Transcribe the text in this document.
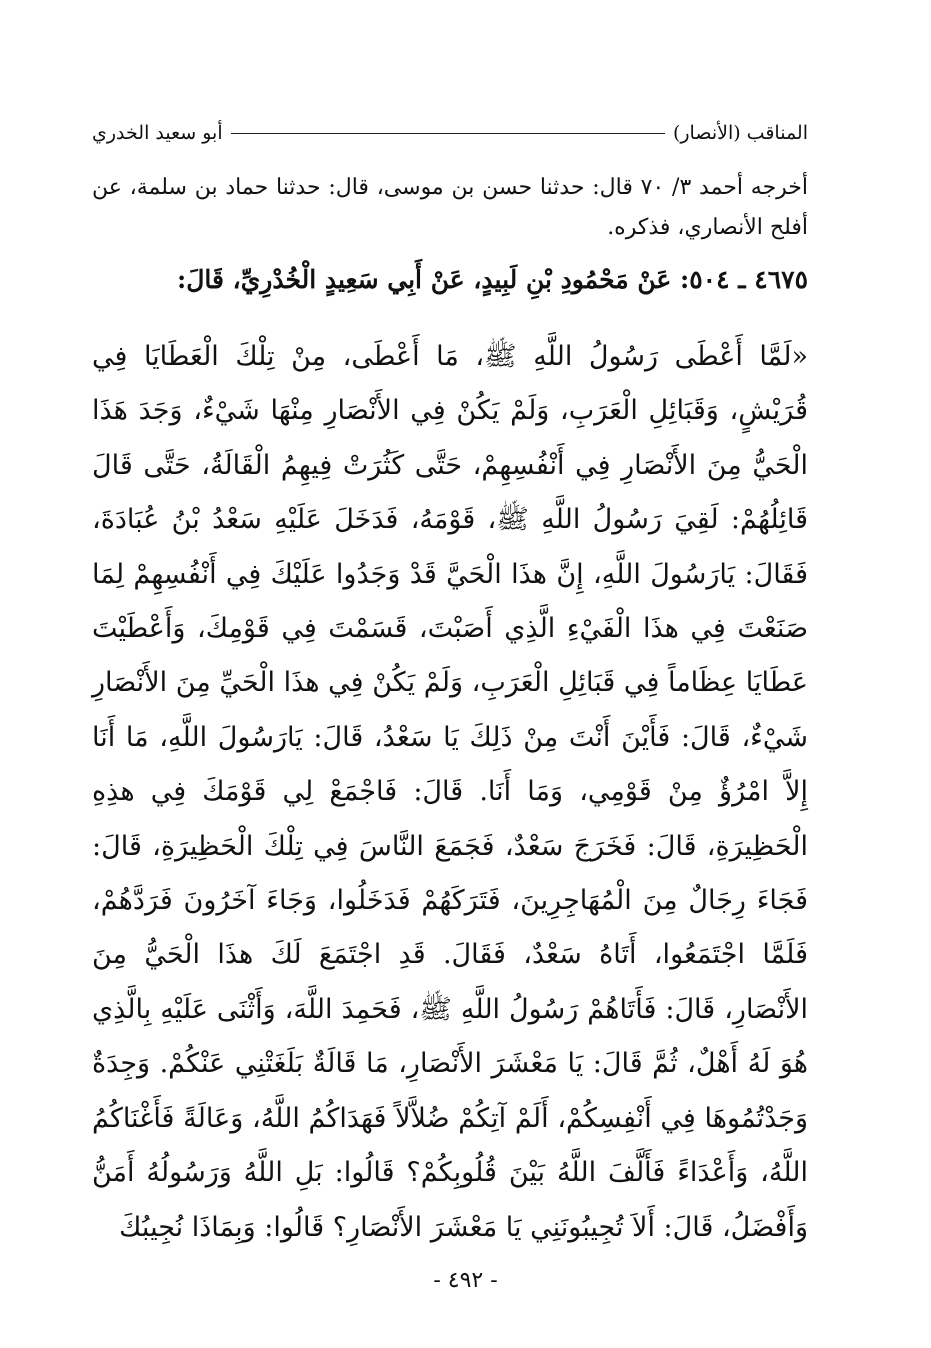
أبو سعيد الخدري	المناقب (الأنصار)

أخرجه أحمد ٣/ ٧٠ قال: حدثنا حسن بن موسى، قال: حدثنا حماد بن سلمة، عن أفلح الأنصاري، فذكره.

٤٦٧٥ ـ ٥٠٤: عَنْ مَحْمُودِ بْنِ لَبِيدٍ، عَنْ أَبِي سَعِيدٍ الْخُدْرِيِّ، قَالَ:

«لَمَّا أَعْطَى رَسُولُ اللَّهِ ﷺ، مَا أَعْطَى، مِنْ تِلْكَ الْعَطَايَا فِي قُرَيْشٍ، وَقَبَائِلِ الْعَرَبِ، وَلَمْ يَكُنْ فِي الأَنْصَارِ مِنْهَا شَيْءٌ، وَجَدَ هَذَا الْحَيُّ مِنَ الأَنْصَارِ فِي أَنْفُسِهِمْ، حَتَّى كَثُرَتْ فِيهِمُ الْقَالَةُ، حَتَّى قَالَ قَائِلُهُمْ: لَقِيَ رَسُولُ اللَّهِ ﷺ، قَوْمَهُ، فَدَخَلَ عَلَيْهِ سَعْدُ بْنُ عُبَادَةَ، فَقَالَ: يَارَسُولَ اللَّهِ، إِنَّ هذَا الْحَيَّ قَدْ وَجَدُوا عَلَيْكَ فِي أَنْفُسِهِمْ لِمَا صَنَعْتَ فِي هذَا الْفَيْءِ الَّذِي أَصَبْتَ، قَسَمْتَ فِي قَوْمِكَ، وَأَعْطَيْتَ عَطَايَا عِظَاماً فِي قَبَائِلِ الْعَرَبِ، وَلَمْ يَكُنْ فِي هذَا الْحَيِّ مِنَ الأَنْصَارِ شَيْءٌ، قَالَ: فَأَيْنَ أَنْتَ مِنْ ذَلِكَ يَا سَعْدُ، قَالَ: يَارَسُولَ اللَّهِ، مَا أَنَا إِلاَّ امْرُؤٌ مِنْ قَوْمِي، وَمَا أَنَا. قَالَ: فَاجْمَعْ لِي قَوْمَكَ فِي هذِهِ الْحَظِيرَةِ، قَالَ: فَخَرَجَ سَعْدٌ، فَجَمَعَ النَّاسَ فِي تِلْكَ الْحَظِيرَةِ، قَالَ: فَجَاءَ رِجَالٌ مِنَ الْمُهَاجِرِينَ، فَتَرَكَهُمْ فَدَخَلُوا، وَجَاءَ آخَرُونَ فَرَدَّهُمْ، فَلَمَّا اجْتَمَعُوا، أَتَاهُ سَعْدٌ، فَقَالَ. قَدِ اجْتَمَعَ لَكَ هذَا الْحَيُّ مِنَ الأَنْصَارِ، قَالَ: فَأَتَاهُمْ رَسُولُ اللَّهِ ﷺ، فَحَمِدَ اللَّهَ، وَأَثْنَى عَلَيْهِ بِالَّذِي هُوَ لَهُ أَهْلٌ، ثُمَّ قَالَ: يَا مَعْشَرَ الأَنْصَارِ، مَا قَالَةٌ بَلَغَتْنِي عَنْكُمْ. وَجِدَةٌ وَجَدْتُمُوهَا فِي أَنْفِسِكُمْ، أَلَمْ آتِكُمْ ضُلاَّلاً فَهَدَاكُمُ اللَّهُ، وَعَالَةً فَأَغْنَاكُمُ اللَّهُ، وَأَعْدَاءً فَأَلَّفَ اللَّهُ بَيْنَ قُلُوبِكُمْ؟ قَالُوا: بَلِ اللَّهُ وَرَسُولُهُ أَمَنُّ وَأَفْضَلُ، قَالَ: أَلاَ تُجِيبُونَنِي يَا مَعْشَرَ الأَنْصَارِ؟ قَالُوا: وَبِمَاذَا نُجِيبُكَ

- ٤٩٢ -
